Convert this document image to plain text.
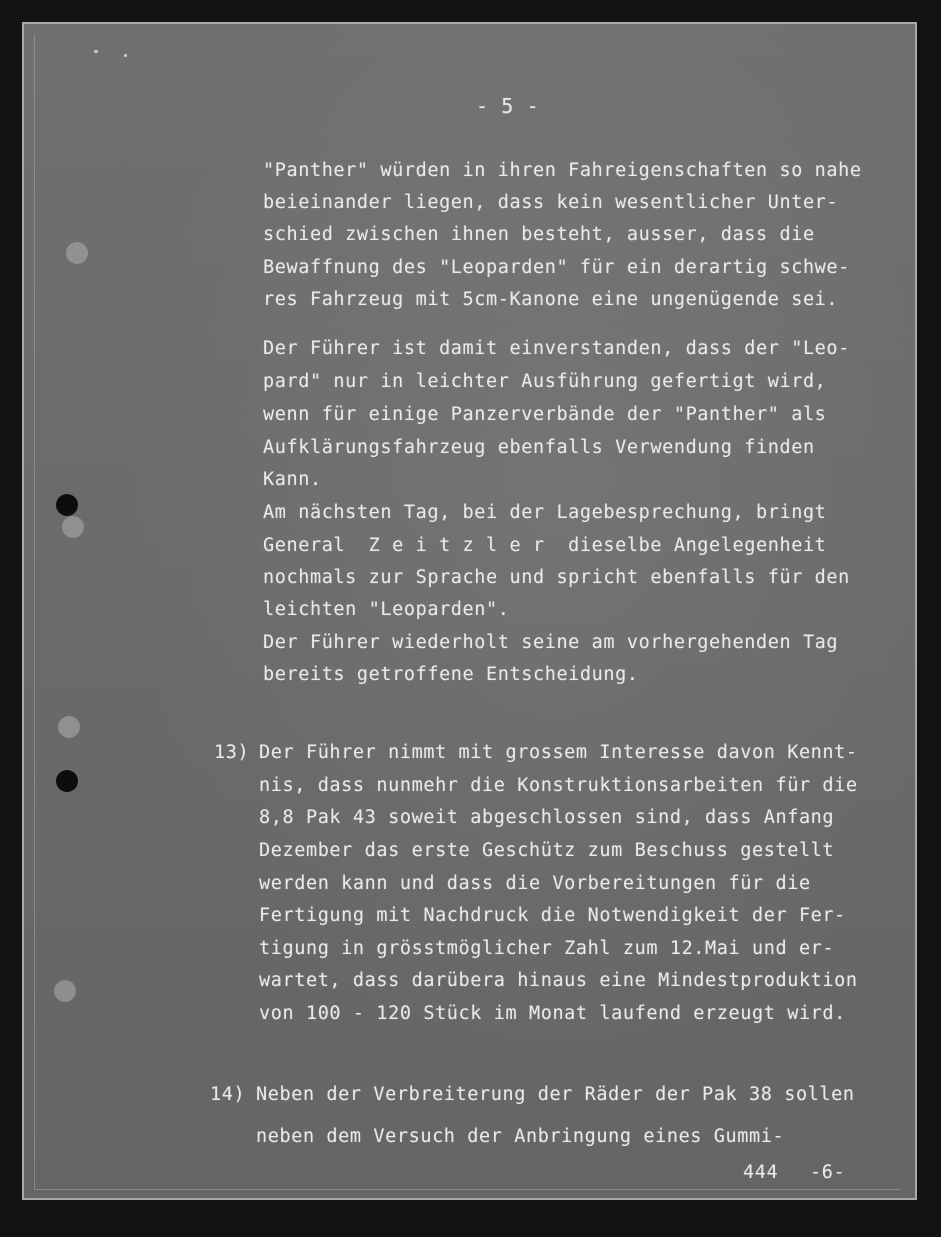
- 5 -

"Panther" würden in ihren Fahreigenschaften so nahe

beieinander liegen, dass kein wesentlicher Unter-

schied zwischen ihnen besteht, ausser, dass die

Bewaffnung des "Leoparden" für ein derartig schwe-

res Fahrzeug mit 5cm-Kanone eine ungenügende sei.

Der Führer ist damit einverstanden, dass der "Leo-

pard" nur in leichter Ausführung gefertigt wird,

wenn für einige Panzerverbände der "Panther" als

Aufklärungsfahrzeug ebenfalls Verwendung finden

Kann.

Am nächsten Tag, bei der Lagebesprechung, bringt

General  Z e i t z l e r  dieselbe Angelegenheit

nochmals zur Sprache und spricht ebenfalls für den

leichten "Leoparden".

Der Führer wiederholt seine am vorhergehenden Tag

bereits getroffene Entscheidung.

13)

Der Führer nimmt mit grossem Interesse davon Kennt-

nis, dass nunmehr die Konstruktionsarbeiten für die

8,8 Pak 43 soweit abgeschlossen sind, dass Anfang

Dezember das erste Geschütz zum Beschuss gestellt

werden kann und dass die Vorbereitungen für die

Fertigung mit Nachdruck die Notwendigkeit der Fer-

tigung in grösstmöglicher Zahl zum 12.Mai und er-

wartet, dass darübera hinaus eine Mindestproduktion

von 100 - 120 Stück im Monat laufend erzeugt wird.

14)

Neben der Verbreiterung der Räder der Pak 38 sollen

neben dem Versuch der Anbringung eines Gummi-

444 -6-
